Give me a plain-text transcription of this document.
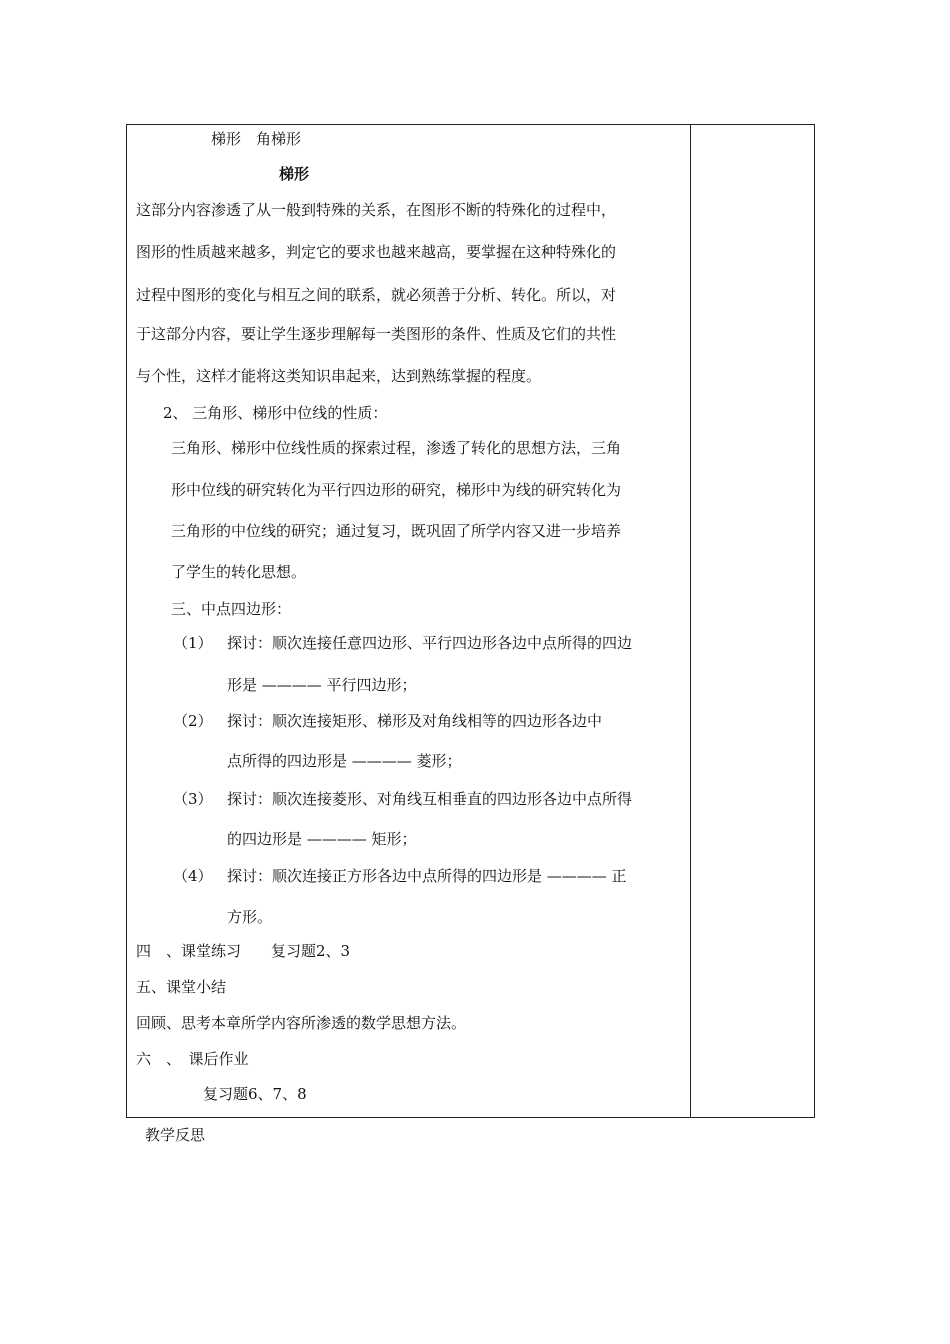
梯形　角梯形
梯形
这部分内容渗透了从一般到特殊的关系，在图形不断的特殊化的过程中，
图形的性质越来越多，判定它的要求也越来越高，要掌握在这种特殊化的
过程中图形的变化与相互之间的联系，就必须善于分析、转化。所以，对
于这部分内容，要让学生逐步理解每一类图形的条件、性质及它们的共性
与个性，这样才能将这类知识串起来，达到熟练掌握的程度。
2、 三角形、梯形中位线的性质：
三角形、梯形中位线性质的探索过程，渗透了转化的思想方法，三角
形中位线的研究转化为平行四边形的研究，梯形中为线的研究转化为
三角形的中位线的研究；通过复习，既巩固了所学内容又进一步培养
了学生的转化思想。
三、中点四边形：
（1） 探讨：顺次连接任意四边形、平行四边形各边中点所得的四边
形是 ———— 平行四边形；
（2） 探讨：顺次连接矩形、梯形及对角线相等的四边形各边中
点所得的四边形是 ———— 菱形；
（3） 探讨：顺次连接菱形、对角线互相垂直的四边形各边中点所得
的四边形是 ———— 矩形；
（4） 探讨：顺次连接正方形各边中点所得的四边形是 ———— 正
方形。
四　、课堂练习　　复习题2、3
五、课堂小结
回顾、思考本章所学内容所渗透的数学思想方法。
六　、　课后作业
复习题6、7、8
教学反思
